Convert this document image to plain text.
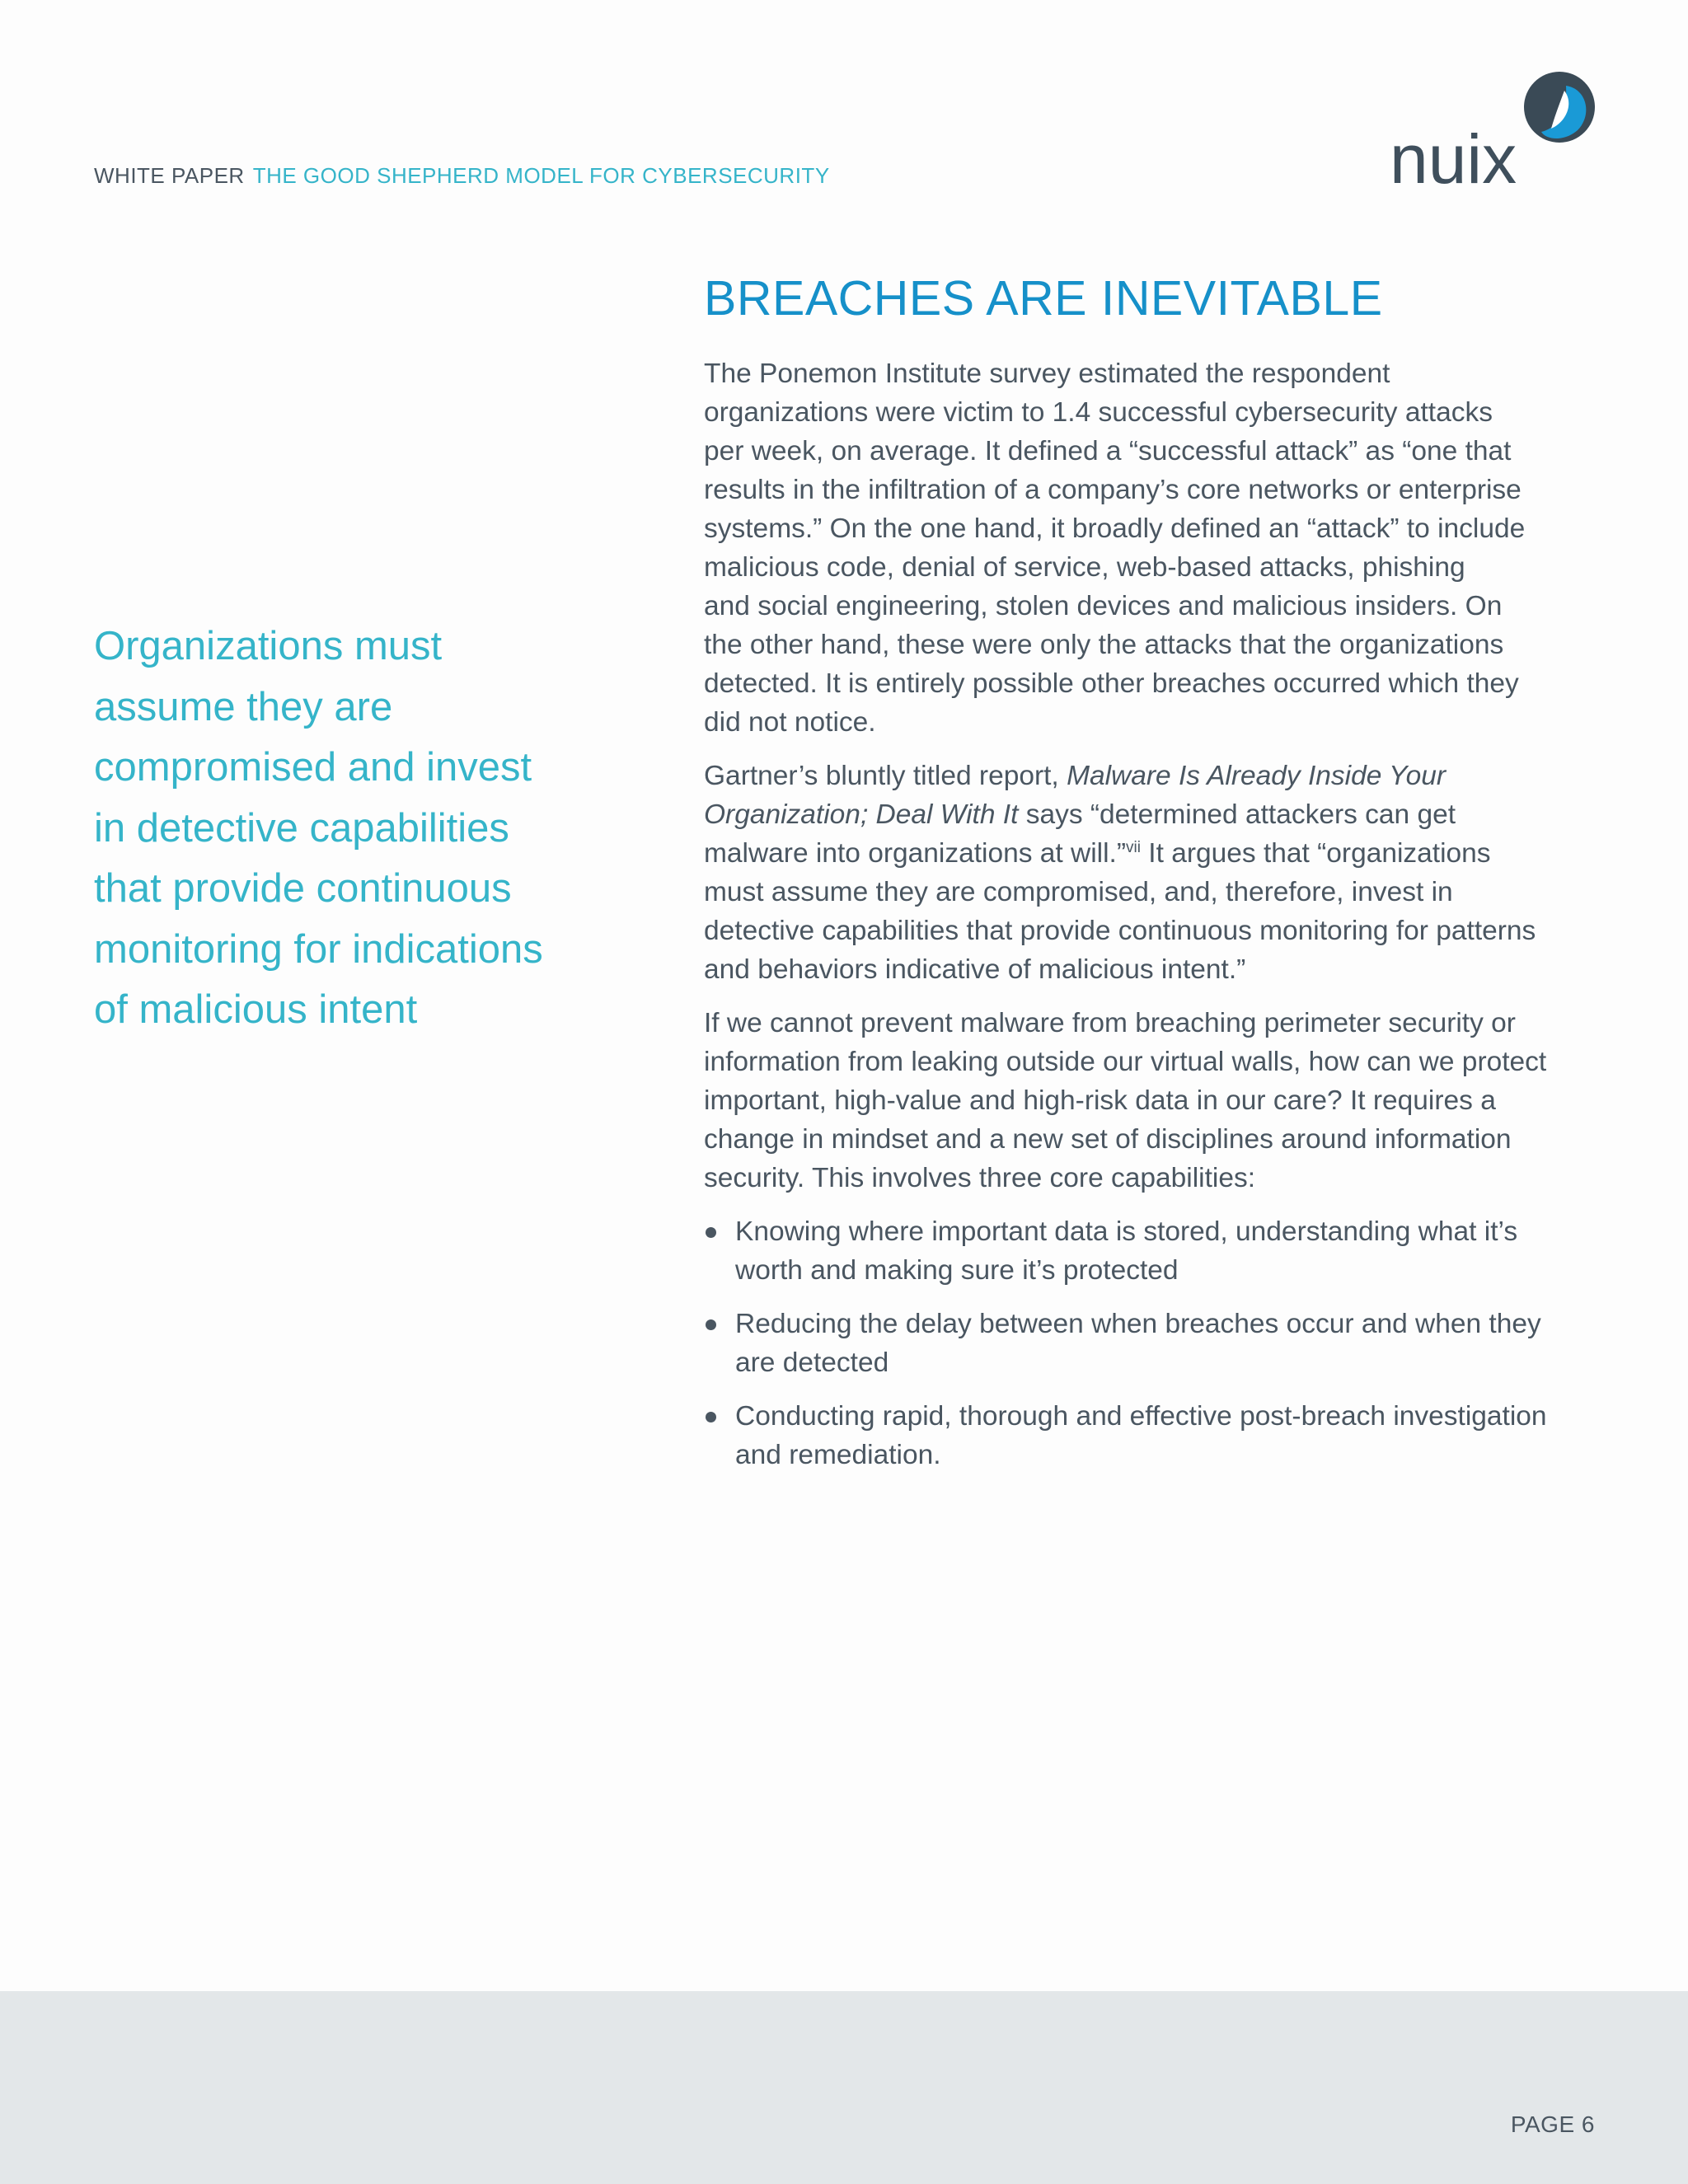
WHITE PAPER THE GOOD SHEPHERD MODEL FOR CYBERSECURITY	nuix
Organizations must
assume they are
compromised and invest
in detective capabilities
that provide continuous
monitoring for indications
of malicious intent
BREACHES ARE INEVITABLE

The Ponemon Institute survey estimated the respondent
organizations were victim to 1.4 successful cybersecurity attacks
per week, on average. It defined a “successful attack” as “one that
results in the infiltration of a company’s core networks or enterprise
systems.” On the one hand, it broadly defined an “attack” to include
malicious code, denial of service, web-based attacks, phishing
and social engineering, stolen devices and malicious insiders. On
the other hand, these were only the attacks that the organizations
detected. It is entirely possible other breaches occurred which they
did not notice.

Gartner’s bluntly titled report, Malware Is Already Inside Your
Organization; Deal With It says “determined attackers can get
malware into organizations at will.”$^{vii}$ It argues that “organizations
must assume they are compromised, and, therefore, invest in
detective capabilities that provide continuous monitoring for patterns
and behaviors indicative of malicious intent.”

If we cannot prevent malware from breaching perimeter security or
information from leaking outside our virtual walls, how can we protect
important, high-value and high-risk data in our care? It requires a
change in mindset and a new set of disciplines around information
security. This involves three core capabilities:

Knowing where important data is stored, understanding what it’s
worth and making sure it’s protected
Reducing the delay between when breaches occur and when they
are detected
Conducting rapid, thorough and effective post-breach investigation
and remediation.
PAGE 6
